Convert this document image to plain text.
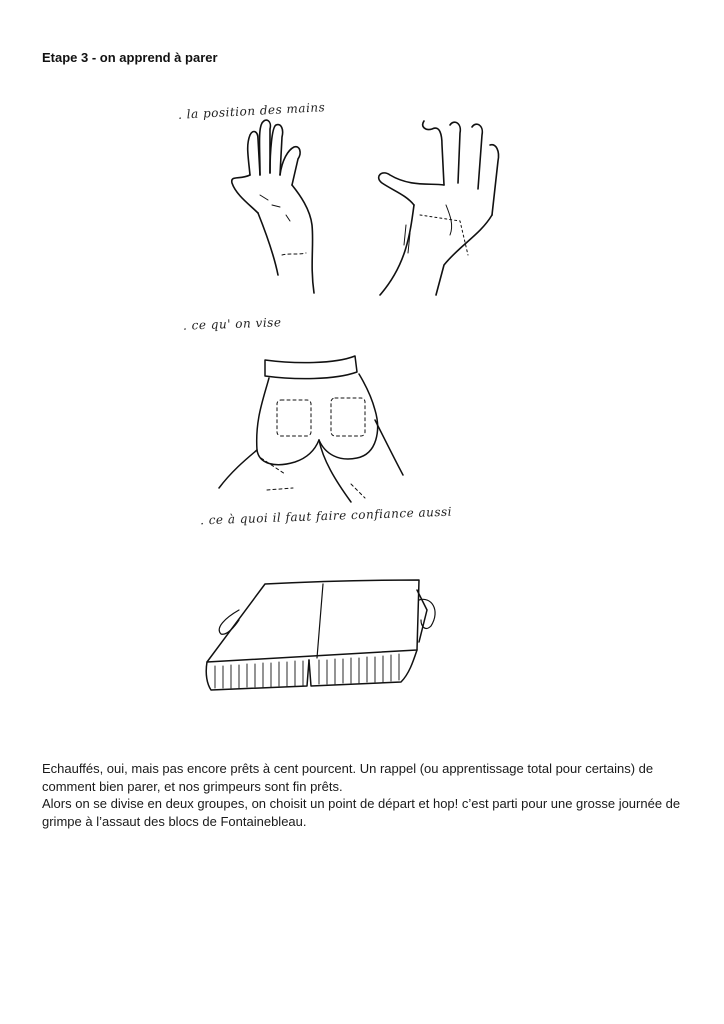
Etape 3 - on apprend à parer
. la position des mains
. ce qu' on vise
. ce à quoi il faut faire confiance aussi

Echauffés, oui, mais pas encore prêts à cent pourcent. Un rappel (ou apprentissage total pour certains) de comment bien parer, et nos grimpeurs sont fin prêts.

Alors on se divise en deux groupes, on choisit un point de départ et hop! c’est parti pour une grosse journée de grimpe à l’assaut des blocs de Fontainebleau.
